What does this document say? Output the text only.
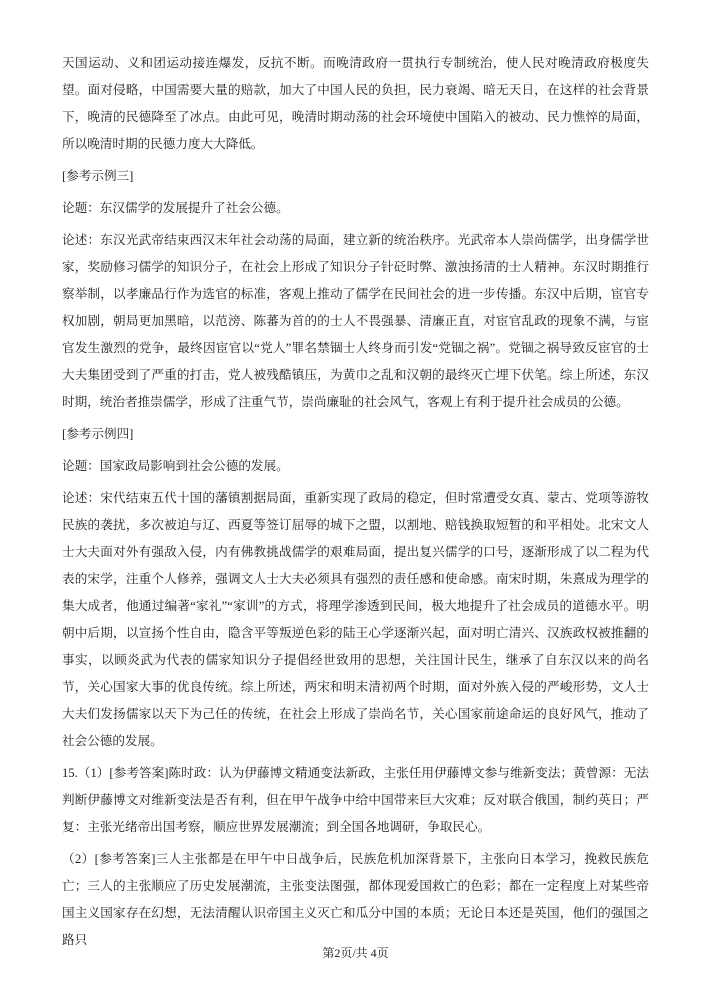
天国运动、义和团运动接连爆发，反抗不断。而晚清政府一贯执行专制统治，使人民对晚清政府极度失望。面对侵略，中国需要大量的赔款，加大了中国人民的负担，民力衰竭、暗无天日，在这样的社会背景下，晚清的民德降至了冰点。由此可见，晚清时期动荡的社会环境使中国陷入的被动、民力憔悴的局面，所以晚清时期的民德力度大大降低。

[参考示例三]

论题：东汉儒学的发展提升了社会公德。

论述：东汉光武帝结束西汉末年社会动荡的局面，建立新的统治秩序。光武帝本人崇尚儒学，出身儒学世家，奖励修习儒学的知识分子，在社会上形成了知识分子针砭时弊、激浊扬清的士人精神。东汉时期推行察举制，以孝廉品行作为选官的标准，客观上推动了儒学在民间社会的进一步传播。东汉中后期，宦官专权加剧，朝局更加黑暗，以范滂、陈蕃为首的的士人不畏强暴、清廉正直，对宦官乱政的现象不满，与宦官发生激烈的党争，最终因宦官以“党人”罪名禁锢士人终身而引发“党锢之祸”。党锢之祸导致反宦官的士大夫集团受到了严重的打击，党人被残酷镇压，为黄巾之乱和汉朝的最终灭亡埋下伏笔。综上所述，东汉时期，统治者推崇儒学，形成了注重气节，崇尚廉耻的社会风气，客观上有利于提升社会成员的公德。

[参考示例四]

论题：国家政局影响到社会公德的发展。

论述：宋代结束五代十国的藩镇割据局面，重新实现了政局的稳定，但时常遭受女真、蒙古、党项等游牧民族的袭扰，多次被迫与辽、西夏等签订屈辱的城下之盟，以割地、赔钱换取短暂的和平相处。北宋文人士大夫面对外有强敌入侵，内有佛教挑战儒学的艰难局面，提出复兴儒学的口号，逐渐形成了以二程为代表的宋学，注重个人修养，强调文人士大夫必须具有强烈的责任感和使命感。南宋时期，朱熹成为理学的集大成者，他通过编著“家礼”“家训”的方式，将理学渗透到民间，极大地提升了社会成员的道德水平。明朝中后期，以宣扬个性自由，隐含平等叛逆色彩的陆王心学逐渐兴起，面对明亡清兴、汉族政权被推翻的事实，以顾炎武为代表的儒家知识分子提倡经世致用的思想，关注国计民生，继承了自东汉以来的尚名节，关心国家大事的优良传统。综上所述，两宋和明末清初两个时期，面对外族入侵的严峻形势，文人士大夫们发扬儒家以天下为己任的传统，在社会上形成了崇尚名节，关心国家前途命运的良好风气，推动了社会公德的发展。

15.（1）[参考答案]陈时政：认为伊藤博文精通变法新政，主张任用伊藤博文参与维新变法；黄曾源：无法判断伊藤博文对维新变法是否有利，但在甲午战争中给中国带来巨大灾难；反对联合俄国，制约英日；严复：主张光绪帝出国考察，顺应世界发展潮流；到全国各地调研，争取民心。

（2）[参考答案]三人主张都是在甲午中日战争后，民族危机加深背景下，主张向日本学习，挽救民族危亡；三人的主张顺应了历史发展潮流，主张变法图强，都体现爱国救亡的色彩；都在一定程度上对某些帝国主义国家存在幻想，无法清醒认识帝国主义灭亡和瓜分中国的本质；无论日本还是英国，他们的强国之路只

第2页/共 4页
